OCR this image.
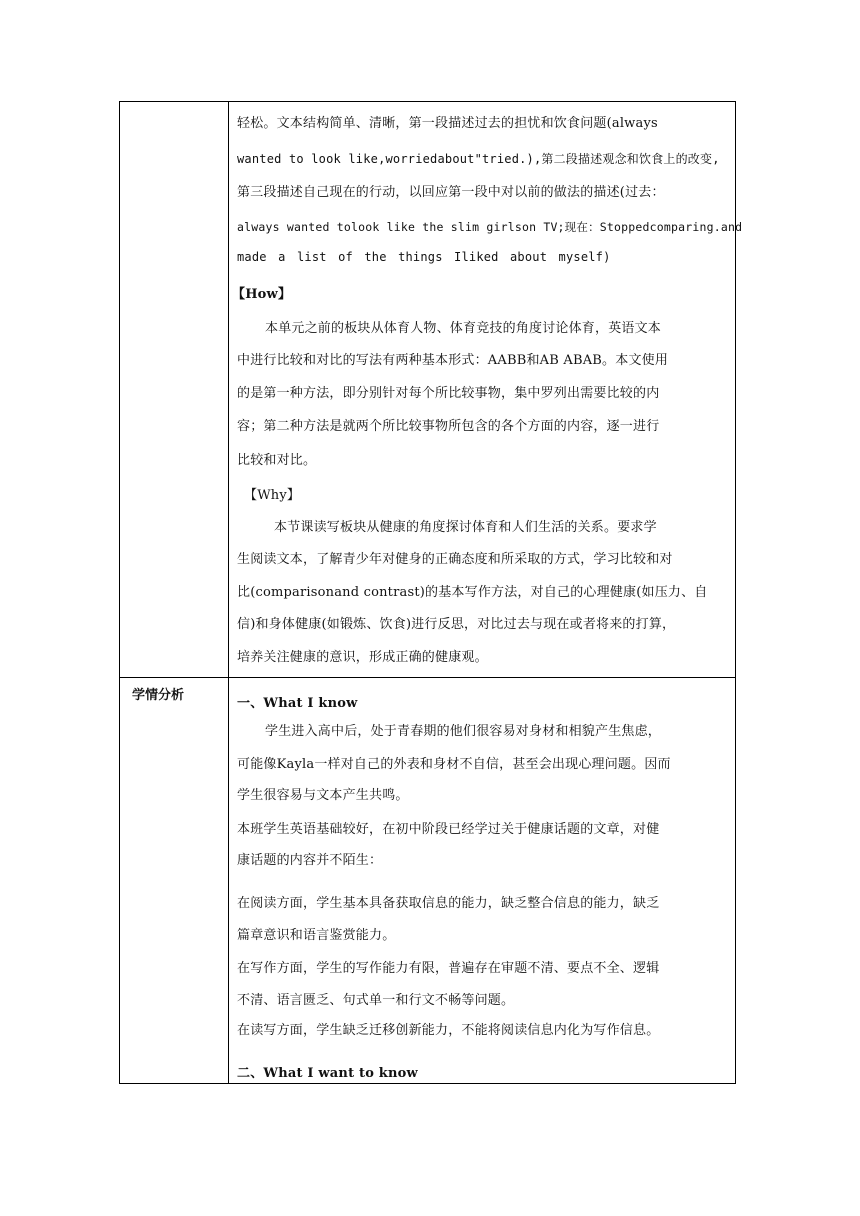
轻松。文本结构简单、清晰，第一段描述过去的担忧和饮食问题(always
wanted to look like,worriedabout"tried.),第二段描述观念和饮食上的改变,
第三段描述自己现在的行动，以回应第一段中对以前的做法的描述(过去：
always wanted tolook like the slim girlson TV;现在：Stoppedcomparing.and
made a list of the things Iliked about myself)
【How】
本单元之前的板块从体育人物、体育竞技的角度讨论体育，英语文本
中进行比较和对比的写法有两种基本形式：AABB和AB ABAB。本文使用
的是第一种方法，即分别针对每个所比较事物，集中罗列出需要比较的内
容；第二种方法是就两个所比较事物所包含的各个方面的内容，逐一进行
比较和对比。
【Why】
本节课读写板块从健康的角度探讨体育和人们生活的关系。要求学
生阅读文本，了解青少年对健身的正确态度和所采取的方式，学习比较和对
比(comparisonand contrast)的基本写作方法，对自己的心理健康(如压力、自
信)和身体健康(如锻炼、饮食)进行反思，对比过去与现在或者将来的打算，
培养关注健康的意识，形成正确的健康观。
学情分析
一、What I know
学生进入高中后，处于青春期的他们很容易对身材和相貌产生焦虑，
可能像Kayla一样对自己的外表和身材不自信，甚至会出现心理问题。因而
学生很容易与文本产生共鸣。
本班学生英语基础较好，在初中阶段已经学过关于健康话题的文章，对健
康话题的内容并不陌生：
在阅读方面，学生基本具备获取信息的能力，缺乏整合信息的能力，缺乏
篇章意识和语言鉴赏能力。
在写作方面，学生的写作能力有限，普遍存在审题不清、要点不全、逻辑
不清、语言匮乏、句式单一和行文不畅等问题。
在读写方面，学生缺乏迁移创新能力，不能将阅读信息内化为写作信息。
二、What I want to know
